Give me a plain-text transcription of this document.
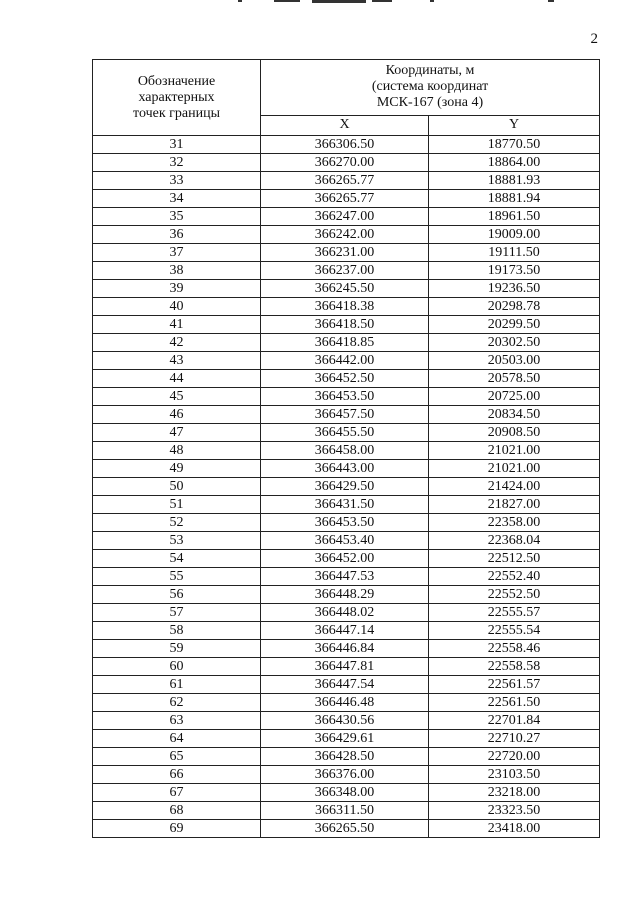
2
Обозначение
характерных
точек границы	Координаты, м
(система координат
МСК-167 (зона 4)	

	X	Y
31	366306.50	18770.50
32	366270.00	18864.00
33	366265.77	18881.93
34	366265.77	18881.94
35	366247.00	18961.50
36	366242.00	19009.00
37	366231.00	19111.50
38	366237.00	19173.50
39	366245.50	19236.50
40	366418.38	20298.78
41	366418.50	20299.50
42	366418.85	20302.50
43	366442.00	20503.00
44	366452.50	20578.50
45	366453.50	20725.00
46	366457.50	20834.50
47	366455.50	20908.50
48	366458.00	21021.00
49	366443.00	21021.00
50	366429.50	21424.00
51	366431.50	21827.00
52	366453.50	22358.00
53	366453.40	22368.04
54	366452.00	22512.50
55	366447.53	22552.40
56	366448.29	22552.50
57	366448.02	22555.57
58	366447.14	22555.54
59	366446.84	22558.46
60	366447.81	22558.58
61	366447.54	22561.57
62	366446.48	22561.50
63	366430.56	22701.84
64	366429.61	22710.27
65	366428.50	22720.00
66	366376.00	23103.50
67	366348.00	23218.00
68	366311.50	23323.50
69	366265.50	23418.00
